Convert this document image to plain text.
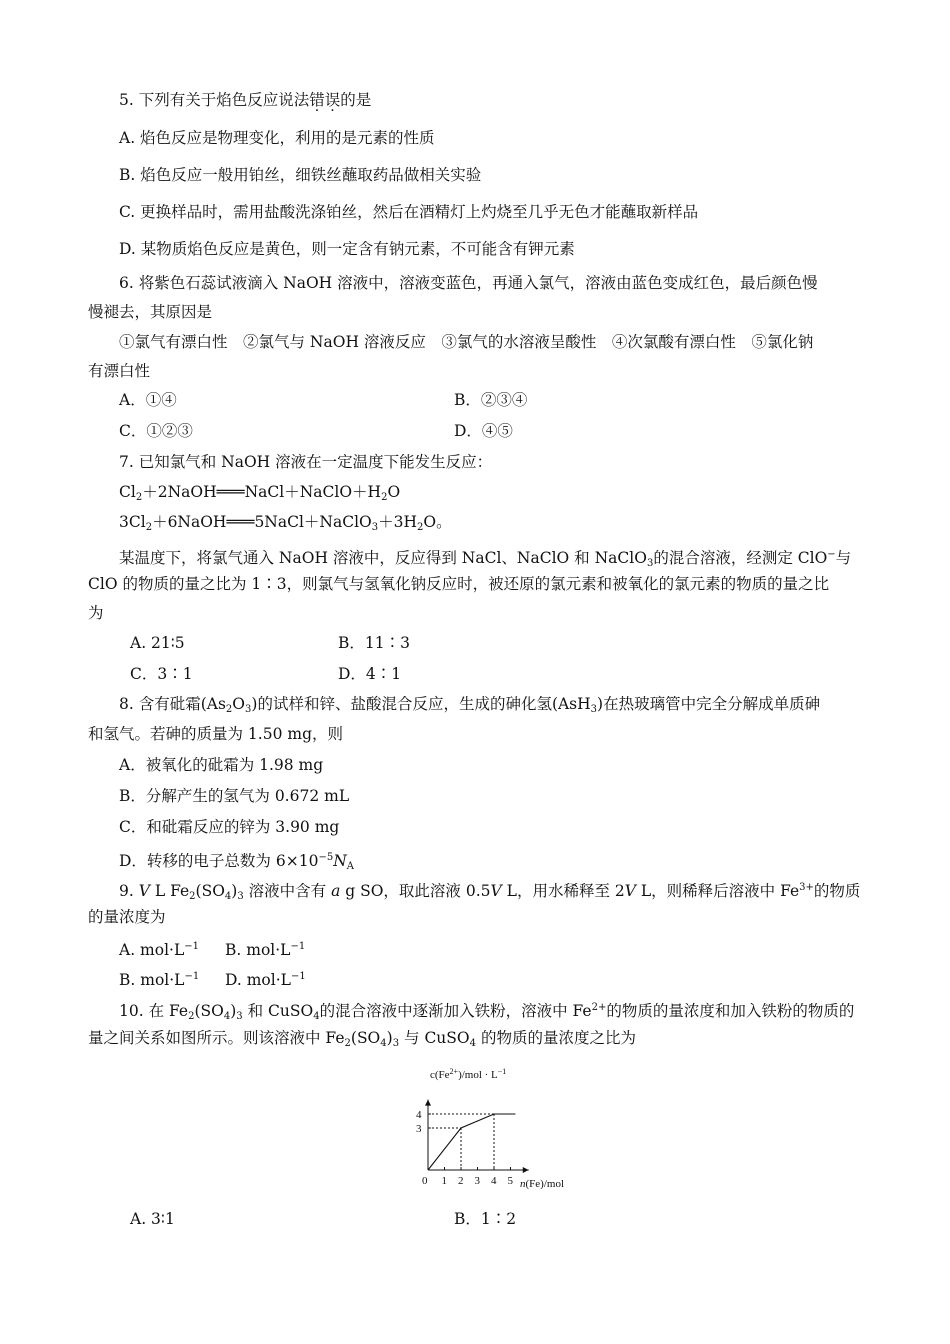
5. 下列有关于焰色反应说法错误的是
A. 焰色反应是物理变化，利用的是元素的性质
B. 焰色反应一般用铂丝，细铁丝蘸取药品做相关实验
C. 更换样品时，需用盐酸洗涤铂丝，然后在酒精灯上灼烧至几乎无色才能蘸取新样品
D. 某物质焰色反应是黄色，则一定含有钠元素，不可能含有钾元素
6. 将紫色石蕊试液滴入 NaOH 溶液中，溶液变蓝色，再通入氯气，溶液由蓝色变成红色，最后颜色慢
慢褪去，其原因是
①氯气有漂白性　②氯气与 NaOH 溶液反应　③氯气的水溶液呈酸性　④次氯酸有漂白性　⑤氯化钠
有漂白性
A．①④	B．②③④
C．①②③	D．④⑤
7. 已知氯气和 NaOH 溶液在一定温度下能发生反应：
$Cl_2+2NaOH═══NaCl+NaClO+H_2O$
$3Cl_2+6NaOH═══5NaCl+NaClO_3+3H_2O$。
某温度下，将氯气通入 NaOH 溶液中，反应得到 NaCl、NaClO 和 NaClO$_3$的混合溶液，经测定 ClO−与
ClO 的物质的量之比为 1∶3，则氯气与氢氧化钠反应时，被还原的氯元素和被氧化的氯元素的物质的量之比
为
A. 21∶5	B．11∶3
C．3∶1	D．4∶1
8. 含有砒霜$(As_2O_3)$的试样和锌、盐酸混合反应，生成的砷化氢(AsH$_3$)在热玻璃管中完全分解成单质砷
和氢气。若砷的质量为 1.50 mg，则
A．被氧化的砒霜为 1.98 mg
B．分解产生的氢气为 0.672 mL
C．和砒霜反应的锌为 3.90 mg
D．转移的电子总数为 $6\times 10^{-5}N_A$
9. V L $Fe_2(SO_4)_3$ 溶液中含有 a g SO，取此溶液 0.5V L，用水稀释至 2V L，则稀释后溶液中 $Fe^{3+}$的物质
的量浓度为
A. $mol\cdot L^{-1}$ B. $mol\cdot L^{-1}$
B. $mol\cdot L^{-1}$ D. $mol\cdot L^{-1}$
10. 在 $Fe_2(SO_4)_3$ 和 CuSO$_4$的混合溶液中逐渐加入铁粉，溶液中 $Fe^{2+}$的物质的量浓度和加入铁粉的物质的
量之间关系如图所示。则该溶液中 $Fe_2(SO_4)_3$ 与 CuSO$_4$ 的物质的量浓度之比为
$c(Fe^{2+})$/mol · $L^{-1}$
n(Fe)/mol
0 1 2 3 4 5
3
4
A. 3∶1	B．1∶2
